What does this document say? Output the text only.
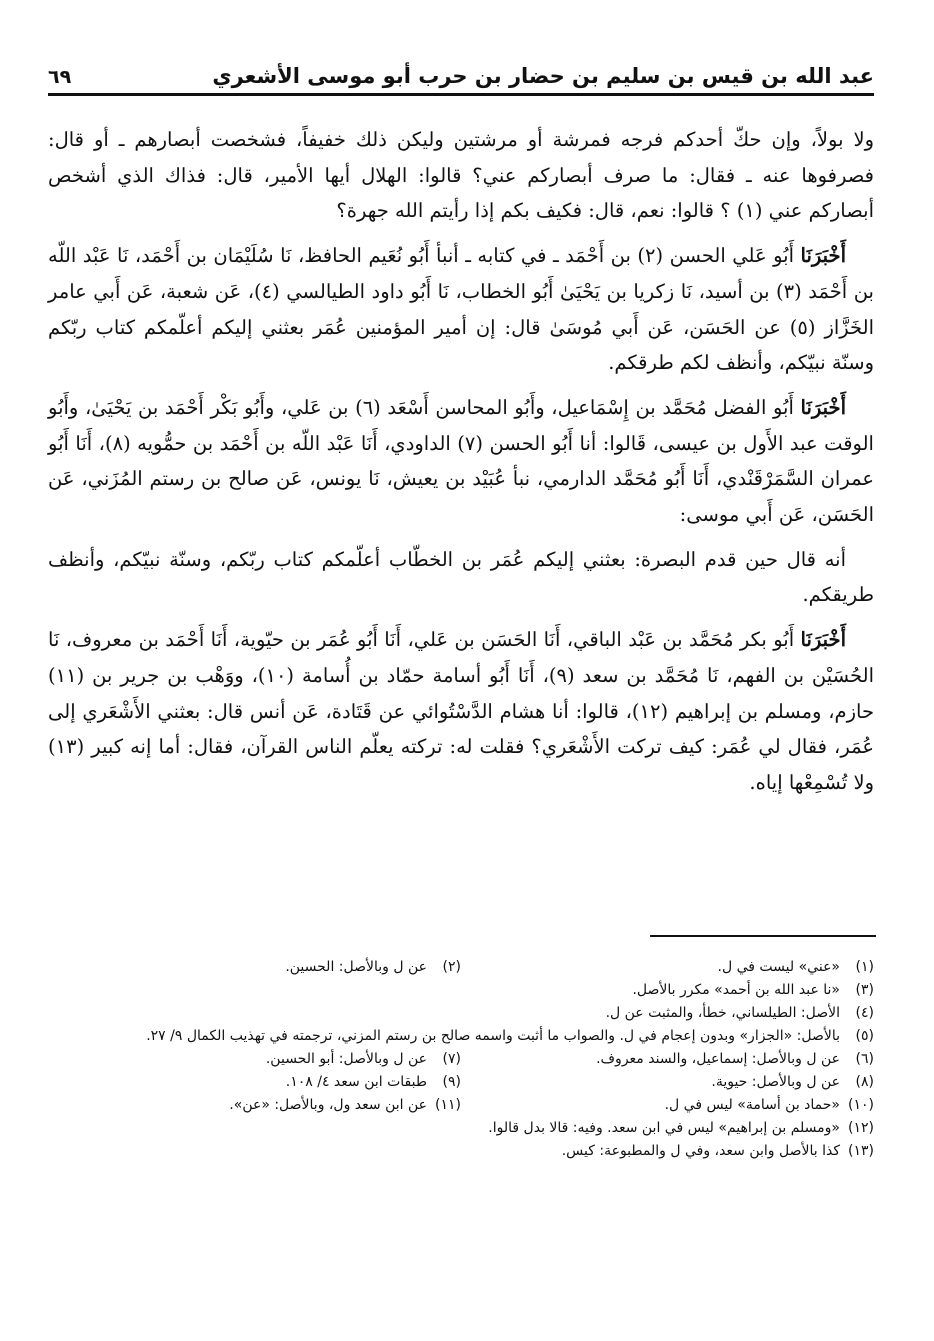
عبد الله بن قيس بن سليم بن حضار بن حرب أبو موسى الأشعري
٦٩

ولا بولاً، وإن حكّ أحدكم فرجه فمرشة أو مرشتين وليكن ذلك خفيفاً، فشخصت أبصارهم ـ أو قال: فصرفوها عنه ـ فقال: ما صرف أبصاركم عني؟ قالوا: الهلال أيها الأمير، قال: فذاك الذي أشخص أبصاركم عني (١) ؟ قالوا: نعم، قال: فكيف بكم إذا رأيتم الله جهرة؟

أَخْبَرَنَا أَبُو عَلي الحسن (٢) بن أَحْمَد ـ في كتابه ـ أنبأ أَبُو نُعَيم الحافظ، نَا سُلَيْمَان بن أَحْمَد، نَا عَبْد اللّه بن أَحْمَد (٣) بن أسيد، نَا زكريا بن يَحْيَىٰ أَبُو الخطاب، نَا أَبُو داود الطيالسي (٤)، عَن شعبة، عَن أَبي عامر الخَزَّاز (٥) عن الحَسَن، عَن أَبي مُوسَىٰ قال: إن أمير المؤمنين عُمَر بعثني إليكم أعلّمكم كتاب ربّكم وسنّة نبيّكم، وأنظف لكم طرقكم.

أَخْبَرَنَا أَبُو الفضل مُحَمَّد بن إِسْمَاعيل، وأَبُو المحاسن أَسْعَد (٦) بن عَلي، وأَبُو بَكْر أَحْمَد بن يَحْيَىٰ، وأَبُو الوقت عبد الأَول بن عيسى، قَالوا: أنا أَبُو الحسن (٧) الداودي، أَنَا عَبْد اللّه بن أَحْمَد بن حمُّويه (٨)، أَنَا أَبُو عمران السَّمَرْقَنْدي، أَنَا أَبُو مُحَمَّد الدارمي، نبأ عُبَيْد بن يعيش، نَا يونس، عَن صالح بن رستم المُزَني، عَن الحَسَن، عَن أَبي موسى:

أنه قال حين قدم البصرة: بعثني إليكم عُمَر بن الخطّاب أعلّمكم كتاب ربّكم، وسنّة نبيّكم، وأنظف طريقكم.

أَخْبَرَنَا أَبُو بكر مُحَمَّد بن عَبْد الباقي، أَنَا الحَسَن بن عَلي، أَنَا أَبُو عُمَر بن حيّوية، أَنَا أَحْمَد بن معروف، نَا الحُسَيْن بن الفهم، نَا مُحَمَّد بن سعد (٩)، أَنَا أَبُو أسامة حمّاد بن أُسامة (١٠)، ووَهْب بن جرير بن (١١) حازم، ومسلم بن إبراهيم (١٢)، قالوا: أنا هشام الدَّسْتُوائي عن قَتَادة، عَن أنس قال: بعثني الأَشْعَري إلى عُمَر، فقال لي عُمَر: كيف تركت الأَشْعَري؟ فقلت له: تركته يعلّم الناس القرآن، فقال: أما إنه كبير (١٣) ولا تُسْمِعْها إياه.

(١)«عني» ليست في ل.(٢)عن ل وبالأصل: الحسين.
(٣)«نا عبد الله بن أحمد» مكرر بالأصل.
(٤)الأصل: الطيلساني، خطأ، والمثبت عن ل.
(٥)بالأصل: «الجزار» وبدون إعجام في ل. والصواب ما أثبت واسمه صالح بن رستم المزني، ترجمته في تهذيب الكمال ٩/ ٢٧.
(٦)عن ل وبالأصل: إسماعيل، والسند معروف.(٧)عن ل وبالأصل: أبو الحسين. (٨)عن ل وبالأصل: حيوية.(٩)طبقات ابن سعد ٤/ ١٠٨. (١٠)«حماد بن أسامة» ليس في ل.(١١)عن ابن سعد ول، وبالأصل: «عن».
(١٢)«ومسلم بن إبراهيم» ليس في ابن سعد. وفيه: قالا بدل قالوا.
(١٣)كذا بالأصل وابن سعد، وفي ل والمطبوعة: كيس.
